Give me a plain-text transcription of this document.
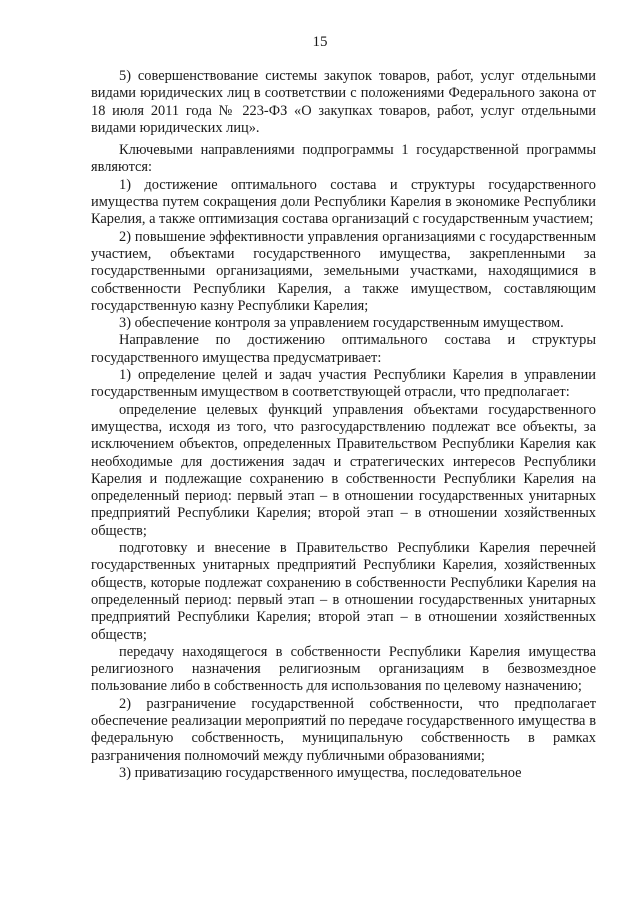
15

5) совершенствование системы закупок товаров, работ, услуг отдельными видами юридических лиц в соответствии с положениями Федерального закона от 18 июля 2011 года № 223-ФЗ «О закупках товаров, работ, услуг отдельными видами юридических лиц».

Ключевыми направлениями подпрограммы 1 государственной программы являются:

1) достижение оптимального состава и структуры государственного имущества путем сокращения доли Республики Карелия в экономике Республики Карелия, а также оптимизация состава организаций с государственным участием;

2) повышение эффективности управления организациями с государственным участием, объектами государственного имущества, закрепленными за государственными организациями, земельными участками, находящимися в собственности Республики Карелия, а также имуществом, составляющим государственную казну Республики Карелия;

3) обеспечение контроля за управлением государственным имуществом.

Направление по достижению оптимального состава и структуры государственного имущества предусматривает:

1) определение целей и задач участия Республики Карелия в управлении государственным имуществом в соответствующей отрасли, что предполагает:

определение целевых функций управления объектами государственного имущества, исходя из того, что разгосударствлению подлежат все объекты, за исключением объектов, определенных Правительством Республики Карелия как необходимые для достижения задач и стратегических интересов Республики Карелия и подлежащие сохранению в собственности Республики Карелия на определенный период: первый этап – в отношении государственных унитарных предприятий Республики Карелия; второй этап – в отношении хозяйственных обществ;

подготовку и внесение в Правительство Республики Карелия перечней государственных унитарных предприятий Республики Карелия, хозяйственных обществ, которые подлежат сохранению в собственности Республики Карелия на определенный период: первый этап – в отношении государственных унитарных предприятий Республики Карелия; второй этап – в отношении хозяйственных обществ;

передачу находящегося в собственности Республики Карелия имущества религиозного назначения религиозным организациям в безвозмездное пользование либо в собственность для использования по целевому назначению;

2) разграничение государственной собственности, что предполагает обеспечение реализации мероприятий по передаче государственного имущества в федеральную собственность, муниципальную собственность в рамках разграничения полномочий между публичными образованиями;

3) приватизацию государственного имущества, последовательное
